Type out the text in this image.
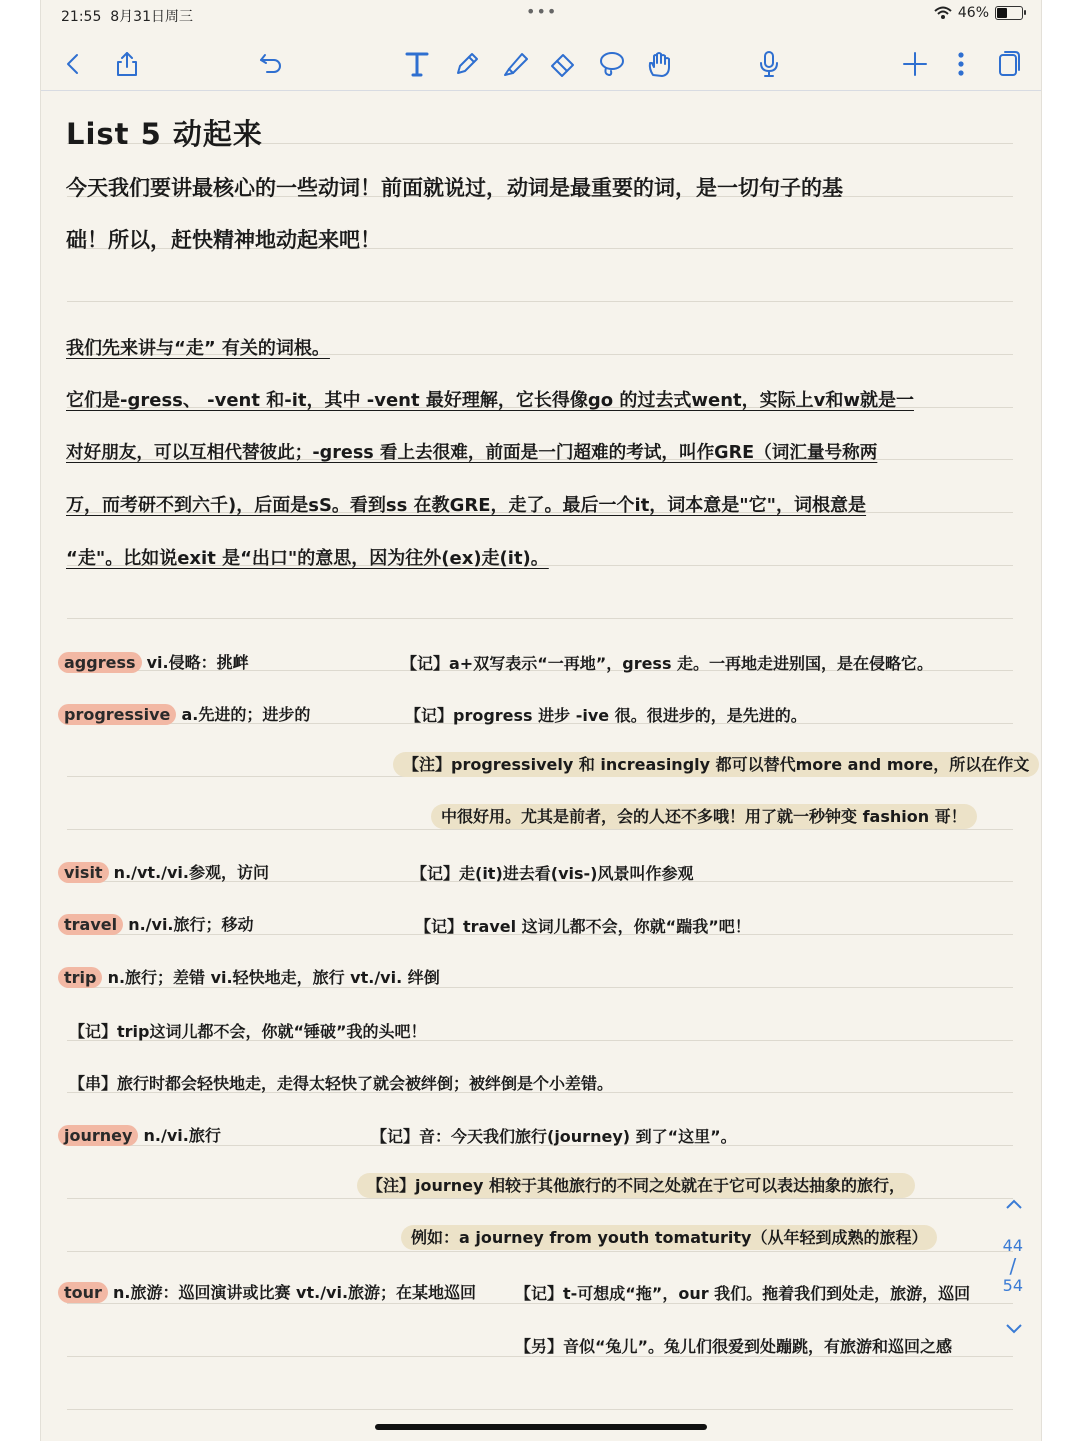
21:55 8月31日周三	•••	46%
List 5 动起来
今天我们要讲最核心的一些动词！前面就说过，动词是最重要的词，是一切句子的基
础！所以，赶快精神地动起来吧！
我们先来讲与“走” 有关的词根。
它们是-gress、 -vent 和-it，其中 -vent 最好理解，它长得像go 的过去式went，实际上v和w就是一
对好朋友，可以互相代替彼此；-gress 看上去很难，前面是一门超难的考试，叫作GRE（词汇量号称两
万，而考研不到六千)，后面是sS。看到ss 在教GRE，走了。最后一个it，词本意是"它"，词根意是
“走"。比如说exit 是“出口"的意思，因为往外(ex)走(it)。
aggress vi.侵略：挑衅	【记】a+双写表示“一再地”，gress 走。一再地走进别国，是在侵略它。
progressive a.先进的；进步的	【记】progress 进步 -ive 很。很进步的，是先进的。
【注】progressively 和 increasingly 都可以替代more and more，所以在作文
中很好用。尤其是前者，会的人还不多哦！用了就一秒钟变 fashion 哥！
visit n./vt./vi.参观，访问	【记】走(it)进去看(vis-)风景叫作参观
travel n./vi.旅行；移动	【记】travel 这词儿都不会，你就“踹我”吧！
trip n.旅行；差错 vi.轻快地走，旅行 vt./vi. 绊倒
【记】trip这词儿都不会，你就“锤破”我的头吧！
【串】旅行时都会轻快地走，走得太轻快了就会被绊倒；被绊倒是个小差错。
journey n./vi.旅行	【记】音：今天我们旅行(journey) 到了“这里”。
【注】journey 相较于其他旅行的不同之处就在于它可以表达抽象的旅行，
例如：a journey from youth tomaturity（从年轻到成熟的旅程）
tour n.旅游：巡回演讲或比赛 vt./vi.旅游；在某地巡回 【记】t-可想成“拖”，our 我们。拖着我们到处走，旅游，巡回
【另】音似“兔儿”。兔儿们很爱到处蹦跳，有旅游和巡回之感
44
/
54
